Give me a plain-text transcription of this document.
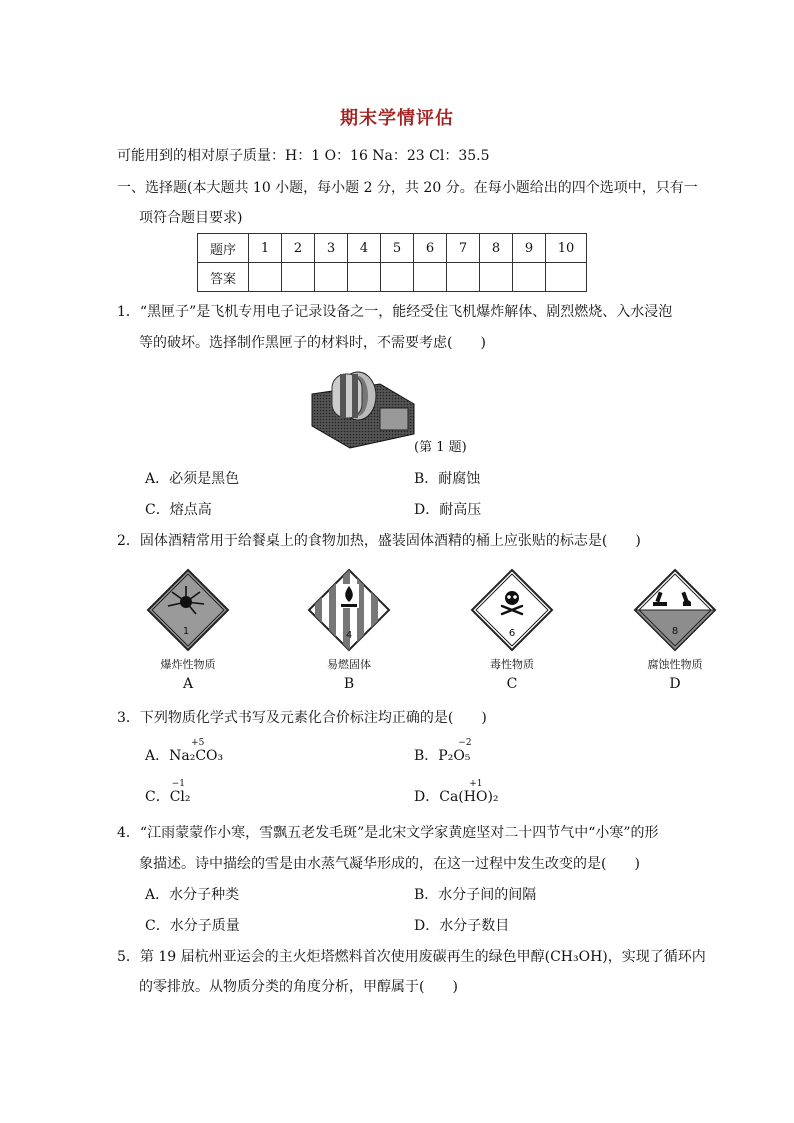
期末学情评估
可能用到的相对原子质量：H：1 O：16 Na：23 Cl：35.5
一、选择题(本大题共 10 小题，每小题 2 分，共 20 分。在每小题给出的四个选项中，只有一
项符合题目要求)
题序	1	2	3	4	5	6	7	8	9	10
答案										
1．“黑匣子”是飞机专用电子记录设备之一，能经受住飞机爆炸解体、剧烈燃烧、入水浸泡
等的破坏。选择制作黑匣子的材料时，不需要考虑(　　)
(第 1 题)
A．必须是黑色	B．耐腐蚀
C．熔点高	D．耐高压
2．固体酒精常用于给餐桌上的食物加热，盛装固体酒精的桶上应张贴的标志是(　　)
1
爆炸性物质
A
4
易燃固体
B
6
毒性物质
C
8
腐蚀性物质
D
3．下列物质化学式书写及元素化合价标注均正确的是(　　)
A．
+5
Na₂CO₃	B．
−2
P₂O₅
C．
−1
Cl₂	D．
+1
Ca(HO)₂
4．“江雨蒙蒙作小寒，雪飘五老发毛斑”是北宋文学家黄庭坚对二十四节气中“小寒”的形
象描述。诗中描绘的雪是由水蒸气凝华形成的，在这一过程中发生改变的是(　　)
A．水分子种类	B．水分子间的间隔
C．水分子质量	D．水分子数目
5．第 19 届杭州亚运会的主火炬塔燃料首次使用废碳再生的绿色甲醇(CH₃OH)，实现了循环内
的零排放。从物质分类的角度分析，甲醇属于(　　)
